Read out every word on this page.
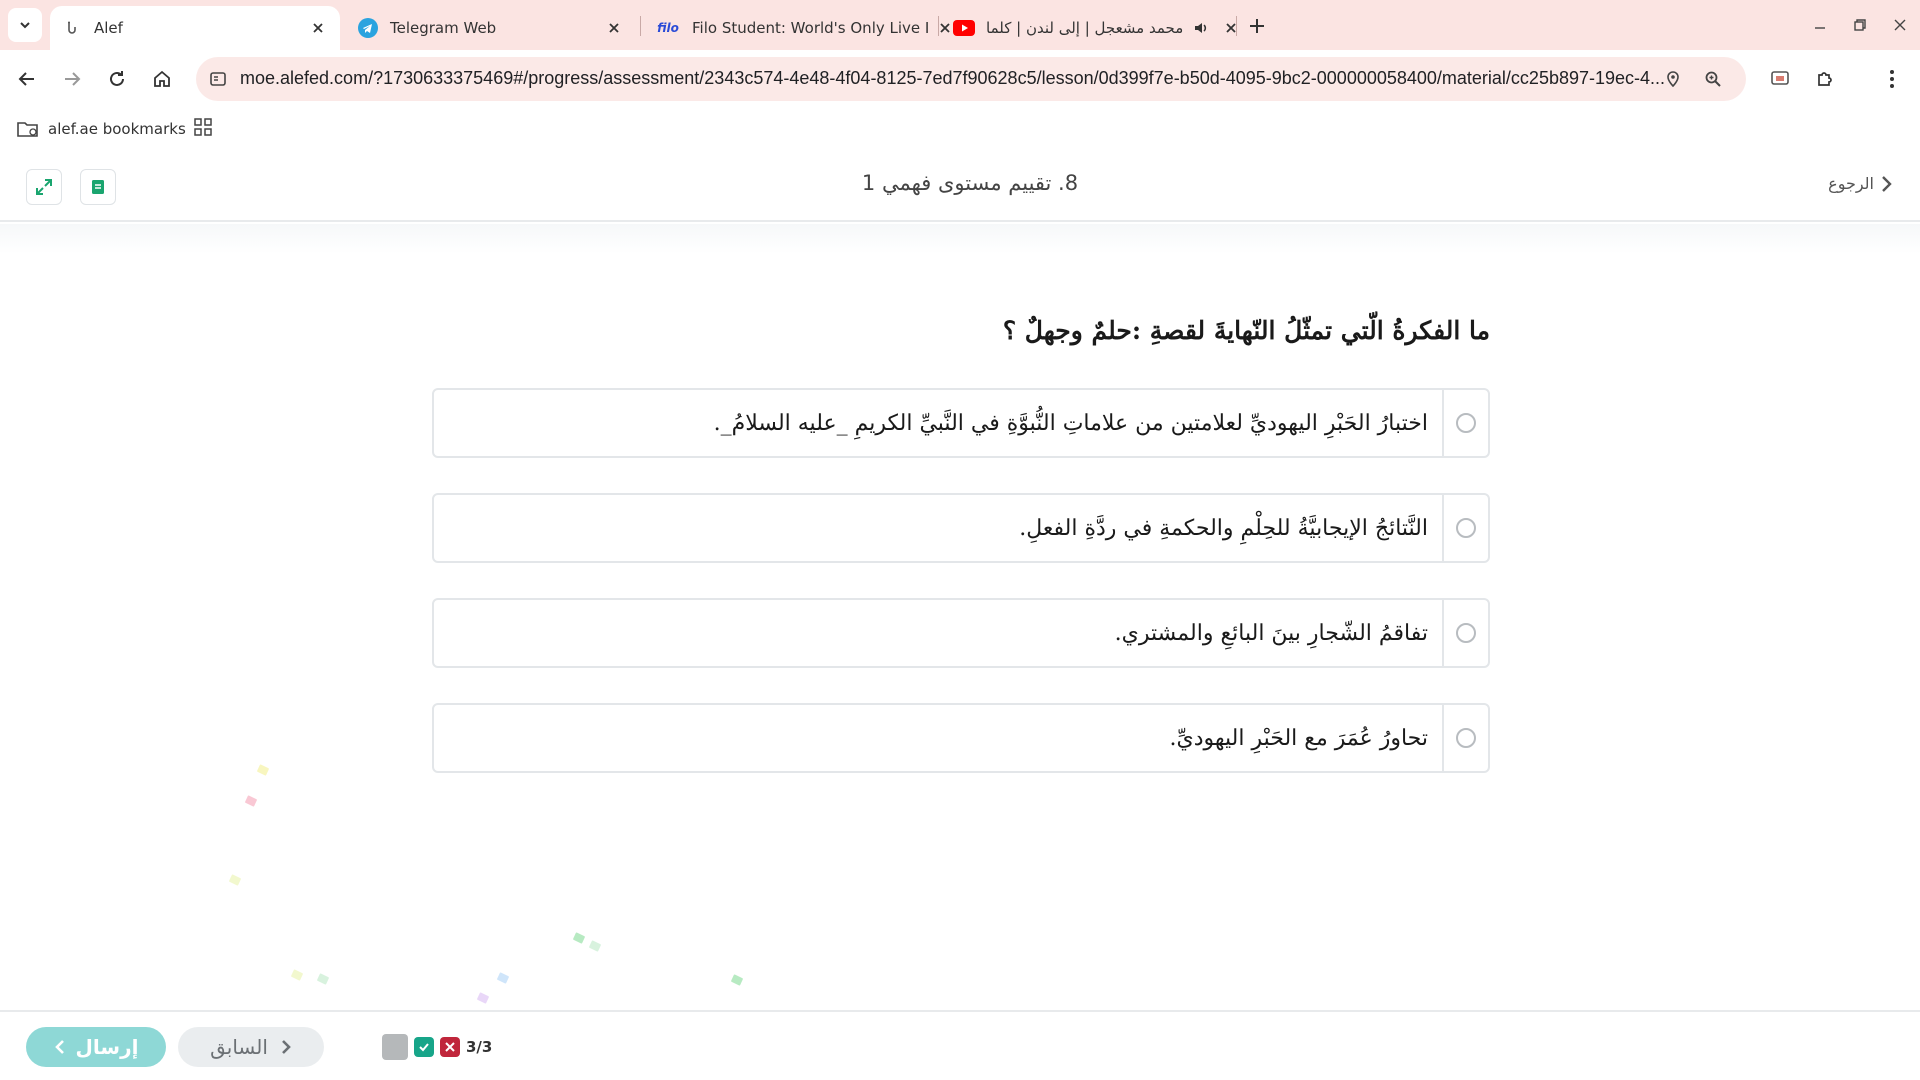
Alef	Telegram Web	filo Filo Student: World's Only Live I	محمد مشعجل | إلى لندن | كلما
moe.alefed.com/?1730633375469#/progress/assessment/2343c574-4e48-4f04-8125-7ed7f90628c5/lesson/0d399f7e-b50d-4095-9bc2-000000058400/material/cc25b897-19ec-4...
alef.ae bookmarks
8. تقييم مستوى فهمي 1	الرجوع
ما الفكرةُ الّتي تمثّلُ النّهايةَ لقصةِ :حلمٌ وجهلٌ ؟
اختبارُ الحَبْرِ اليهوديِّ لعلامتين من علاماتِ النُّبوَّةِ في النَّبيِّ الكريمِ _عليه السلامُ_.
النَّتائجُ الإيجابيَّةُ للحِلْمِ والحكمةِ في ردَّةِ الفعلِ.
تفاقمُ الشّجارِ بينَ البائعِ والمشتري.
تحاورُ عُمَرَ مع الحَبْرِ اليهوديِّ.
إرسال	السابق	3/3
